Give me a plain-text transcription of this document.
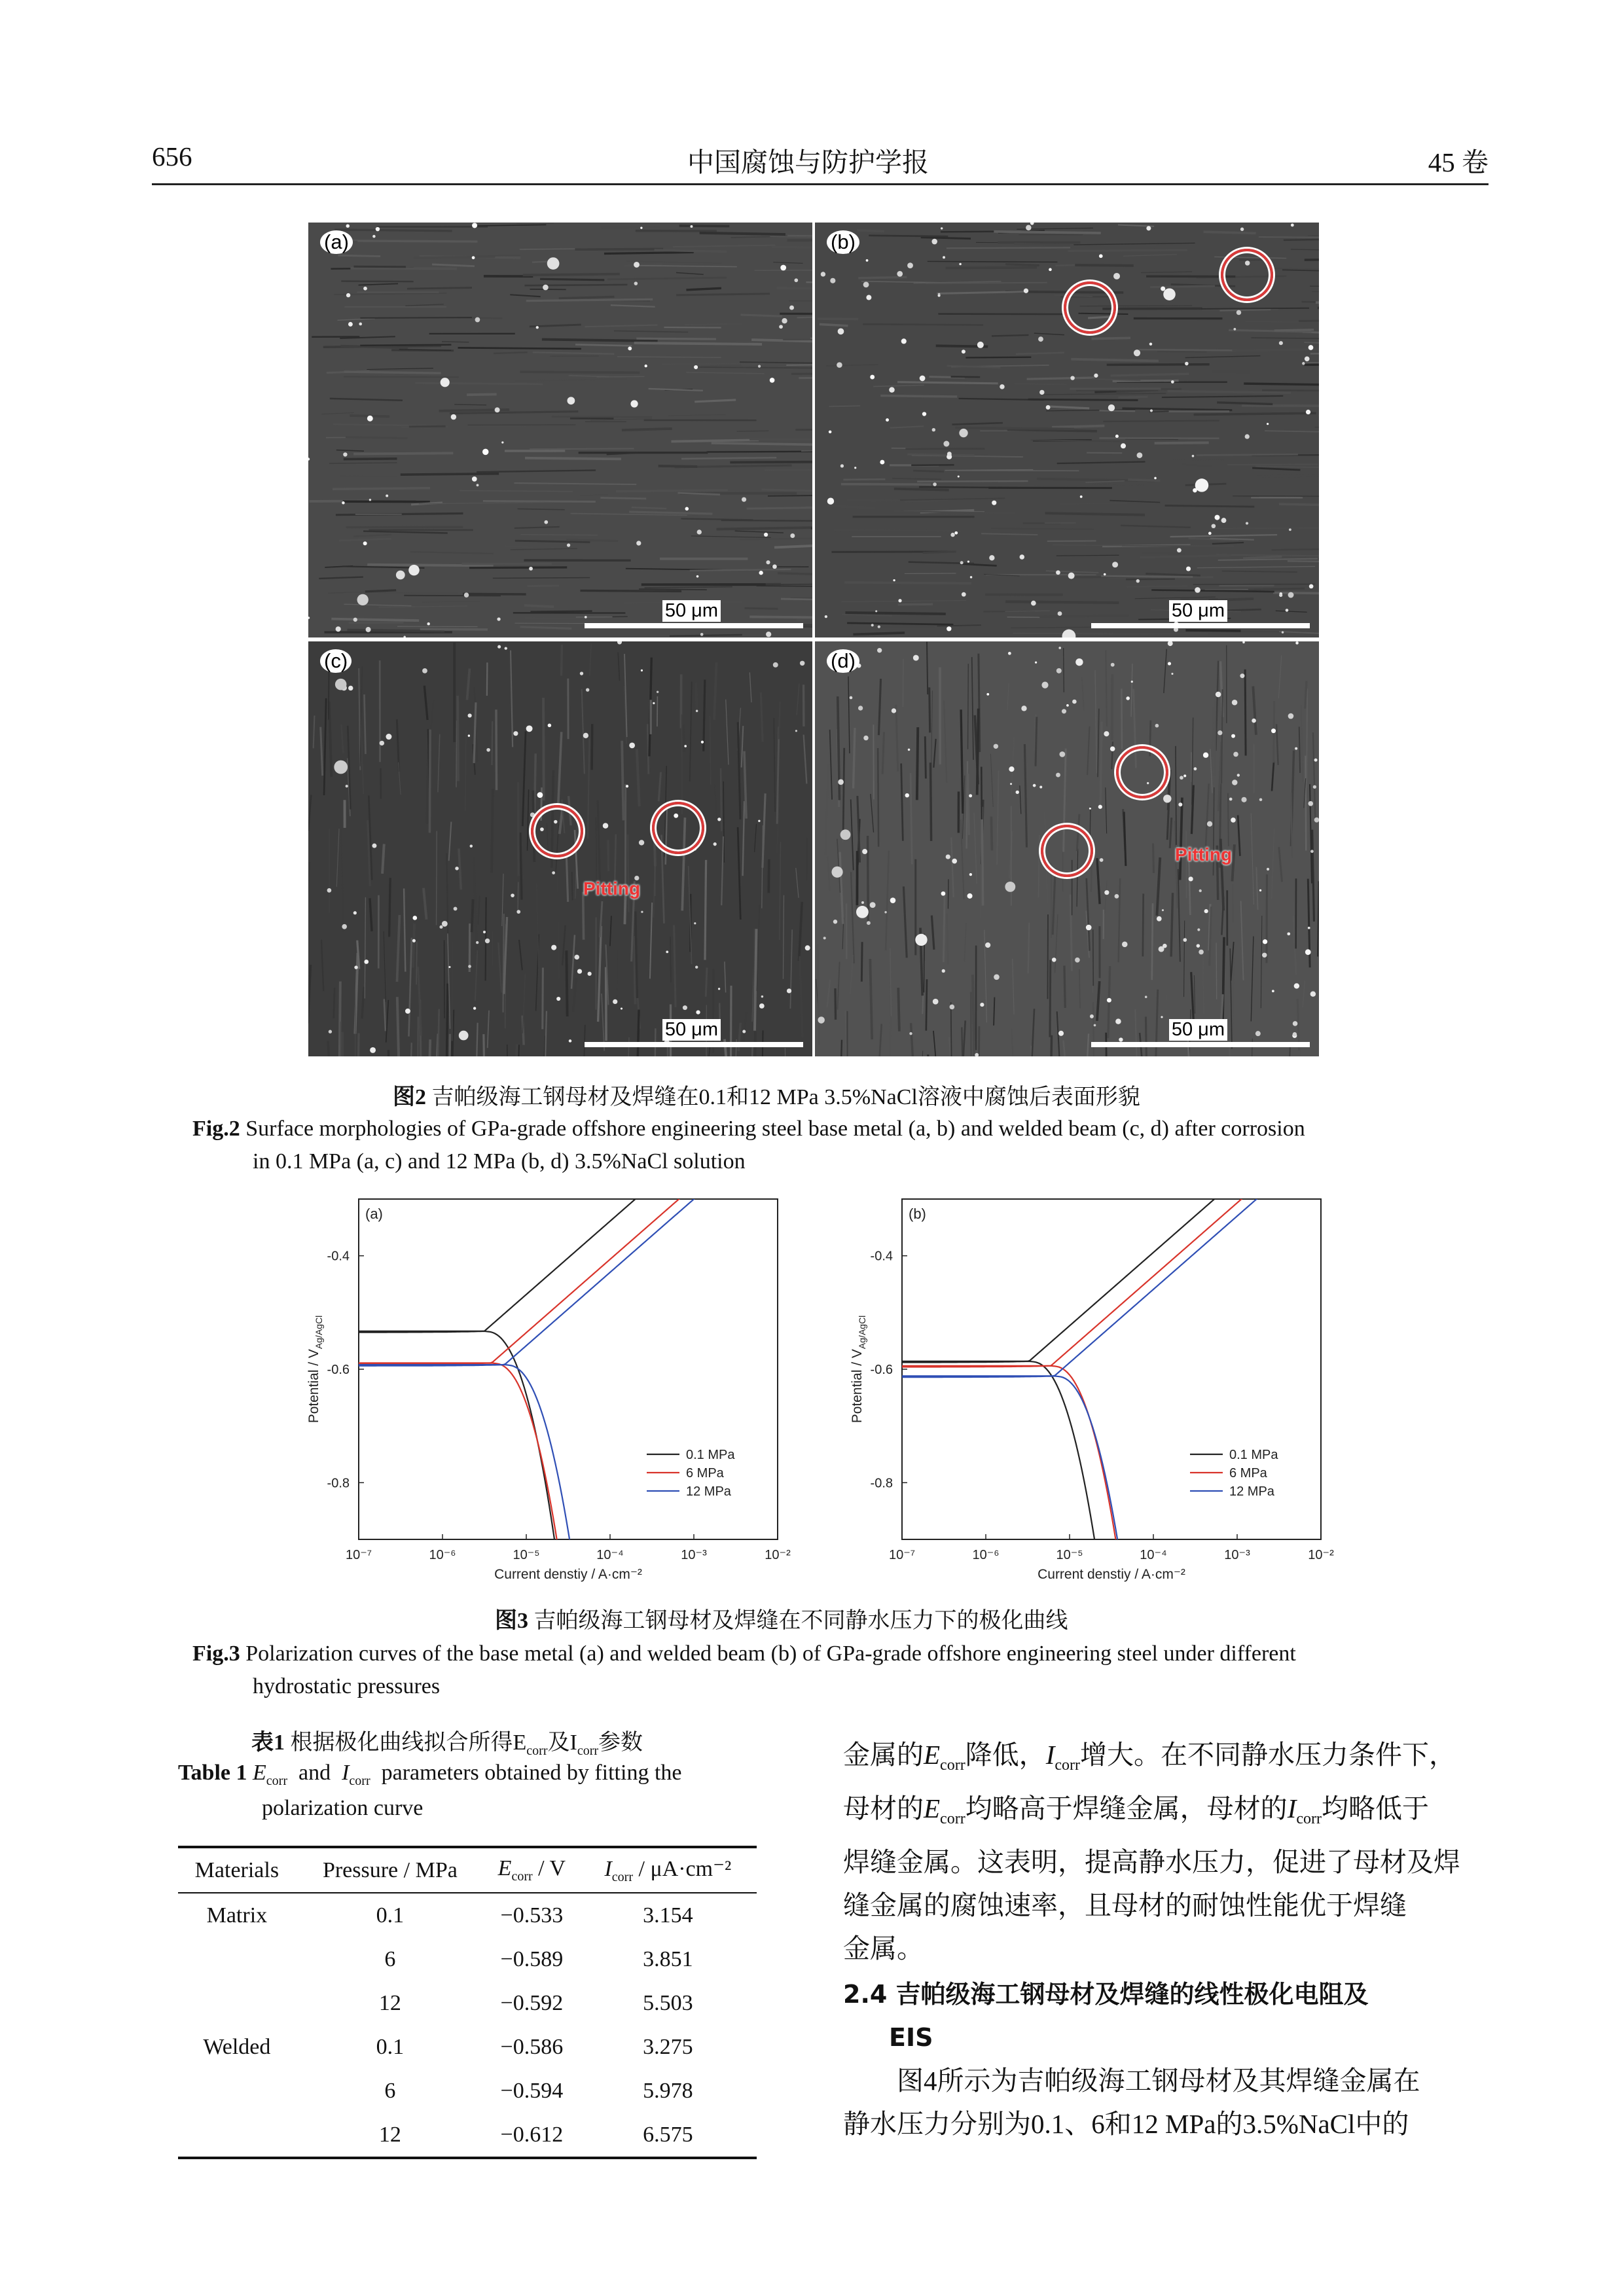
656	中国腐蚀与防护学报	45 卷
(a)
50 μm
(b)
50 μm
(c)
Pitting
50 μm
(d)
Pitting
50 μm
图2 吉帕级海工钢母材及焊缝在0.1和12 MPa 3.5%NaCl溶液中腐蚀后表面形貌
Fig.2 Surface morphologies of GPa-grade offshore engineering steel base metal (a, b) and welded beam (c, d) after corrosion
in 0.1 MPa (a, c) and 12 MPa (b, d) 3.5%NaCl solution
(a)
10⁻⁷	10⁻⁶	10⁻⁵	10⁻⁴	10⁻³	10⁻²
-0.4
-0.6
-0.8
Current denstiy / A·cm⁻²
Potential / $V_{Ag/AgCl}$
0.1 MPa
6 MPa
12 MPa
(b)
10⁻⁷	10⁻⁶	10⁻⁵	10⁻⁴	10⁻³	10⁻²
-0.4
-0.6
-0.8
Current denstiy / A·cm⁻²
Potential / $V_{Ag/AgCl}$
0.1 MPa
6 MPa
12 MPa
图3 吉帕级海工钢母材及焊缝在不同静水压力下的极化曲线
Fig.3 Polarization curves of the base metal (a) and welded beam (b) of GPa-grade offshore engineering steel under different
hydrostatic pressures
表1 根据极化曲线拟合所得$E_{corr}$及$I_{corr}$参数
Table 1 $E_{corr}$ and $I_{corr}$ parameters obtained by fitting the
polarization curve
Materials	Pressure / MPa	$E_{corr}$ / V	$I_{corr} / \mu A\cdot cm^{-2}$
Matrix	0.1	−0.533	3.154
	6	−0.589	3.851
	12	−0.592	5.503
Welded	0.1	−0.586	3.275
	6	−0.594	5.978
	12	−0.612	6.575
金属的$E_{corr}$降低，$I_{corr}$增大。在不同静水压力条件下，
母材的$E_{corr}$均略高于焊缝金属，母材的$I_{corr}$均略低于
焊缝金属。这表明，提高静水压力，促进了母材及焊
缝金属的腐蚀速率，且母材的耐蚀性能优于焊缝
金属。
2.4 吉帕级海工钢母材及焊缝的线性极化电阻及
EIS
图4所示为吉帕级海工钢母材及其焊缝金属在
静水压力分别为0.1、6和12 MPa的3.5%NaCl中的
